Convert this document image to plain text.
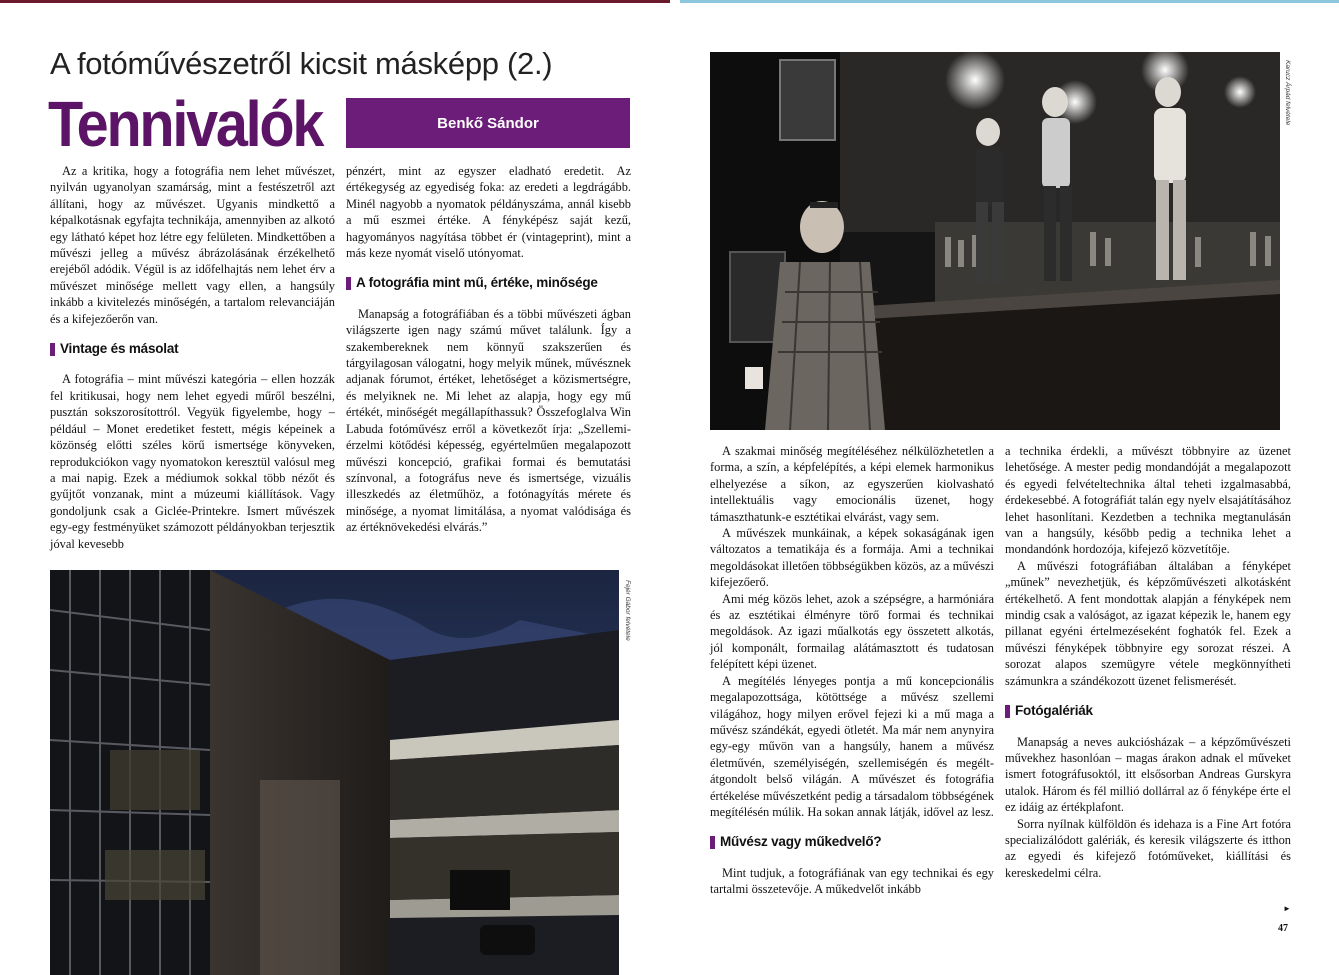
A fotóművészetről kicsit másképp (2.)
Tennivalók	Benkő Sándor

Az a kritika, hogy a fotográfia nem lehet művészet, nyilván ugyanolyan szamárság, mint a festészetről azt állítani, hogy az művészet. Ugyanis mindkettő a képalkotásnak egyfajta technikája, amennyiben az alkotó egy látható képet hoz létre egy felületen. Mindkettőben a művészi jelleg a művész ábrázolásának érzékelhető erejéből adódik. Végül is az időfelhajtás nem lehet érv a művészet minősége mellett vagy ellen, a hangsúly inkább a kivitelezés minőségén, a tartalom relevanciáján és a kifejezőerőn van.

Vintage és másolat

A fotográfia – mint művészi kategória – ellen hozzák fel kritikusai, hogy nem lehet egyedi műről beszélni, pusztán sokszorosítottról. Vegyük figyelembe, hogy – például – Monet eredetiket festett, mégis képeinek a közönség előtti széles körű ismertsége könyveken, reprodukciókon vagy nyomatokon keresztül valósul meg a mai napig. Ezek a médiumok sokkal több nézőt és gyűjtőt vonzanak, mint a múzeumi kiállítások. Vagy gondoljunk csak a Giclée-Printekre. Ismert művészek egy-egy festményüket számozott példányokban terjesztik jóval kevesebb

pénzért, mint az egyszer eladható eredetit. Az értékegység az egyediség foka: az eredeti a legdrágább. Minél nagyobb a nyomatok példányszáma, annál kisebb a mű eszmei értéke. A fényképész saját kezű, hagyományos nagyítása többet ér (vintageprint), mint a más keze nyomát viselő utónyomat.

A fotográfia mint mű, értéke, minősége

Manapság a fotográfiában és a többi művészeti ágban világszerte igen nagy számú művet találunk. Így a szakembereknek nem könnyű szakszerűen és tárgyilagosan válogatni, hogy melyik műnek, művésznek adjanak fórumot, értéket, lehetőséget a közismertségre, és melyiknek ne. Mi lehet az alapja, hogy egy mű értékét, minőségét megállapíthassuk? Összefoglalva Win Labuda fotóművész erről a következőt írja: „Szellemi-érzelmi kötődési képesség, egyértelműen megalapozott művészi koncepció, grafikai formai és bemutatási színvonal, a fotográfus neve és ismertsége, vizuális illeszkedés az életműhöz, a fotónagyítás mérete és minősége, a nyomat limitálása, a nyomat valódisága és az értéknövekedési elvárás.”

Fejér Gábor felvétele
Karucz Árpád felvétele

A szakmai minőség megítéléséhez nélkülözhetetlen a forma, a szín, a képfelépítés, a képi elemek harmonikus elhelyezése a síkon, az egyszerűen kiolvasható intellektuális vagy emocionális üzenet, hogy támaszthatunk-e esztétikai elvárást, vagy sem.

A művészek munkáinak, a képek sokaságának igen változatos a tematikája és a formája. Ami a technikai megoldásokat illetően többségükben közös, az a művészi kifejezőerő.

Ami még közös lehet, azok a szépségre, a harmóniára és az esztétikai élményre törő formai és technikai megoldások. Az igazi műalkotás egy összetett alkotás, jól komponált, formailag alátámasztott és tudatosan felépített képi üzenet.

A megítélés lényeges pontja a mű koncepcionális megalapozottsága, kötöttsége a művész szellemi világához, hogy milyen erővel fejezi ki a mű maga a művész szándékát, egyedi ötletét. Ma már nem anynyira egy-egy művön van a hangsúly, hanem a művész életművén, személyiségén, szellemiségén és megélt-átgondolt belső világán. A művészet és fotográfia értékelése művészetként pedig a társadalom többségének megítélésén múlik. Ha sokan annak látják, idővel az lesz.

Művész vagy műkedvelő?

Mint tudjuk, a fotográfiának van egy technikai és egy tartalmi összetevője. A műkedvelőt inkább

a technika érdekli, a művészt többnyire az üzenet lehetősége. A mester pedig mondandóját a megalapozott és egyedi felvételtechnika által teheti izgalmasabbá, érdekesebbé. A fotográfiát talán egy nyelv elsajátításához lehet hasonlítani. Kezdetben a technika megtanulásán van a hangsúly, később pedig a technika lehet a mondandónk hordozója, kifejező közvetítője.

A művészi fotográfiában általában a fényképet „műnek” nevezhetjük, és képzőművészeti alkotásként értékelhető. A fent mondottak alapján a fényképek nem mindig csak a valóságot, az igazat képezik le, hanem egy pillanat egyéni értelmezéseként foghatók fel. Ezek a művészi fényképek többnyire egy sorozat részei. A sorozat alapos szemügyre vétele megkönnyítheti számunkra a szándékozott üzenet felismerését.

Fotógalériák

Manapság a neves aukciósházak – a képzőművészeti művekhez hasonlóan – magas árakon adnak el műveket ismert fotográfusoktól, itt elsősorban Andreas Gurskyra utalok. Három és fél millió dollárral az ő fényképe érte el ez idáig az értékplafont.

Sorra nyílnak külföldön és idehaza is a Fine Art fotóra specializálódott galériák, és keresik világszerte és itthon az egyedi és kifejező fotóműveket, kiállítási és kereskedelmi célra.

►
47
